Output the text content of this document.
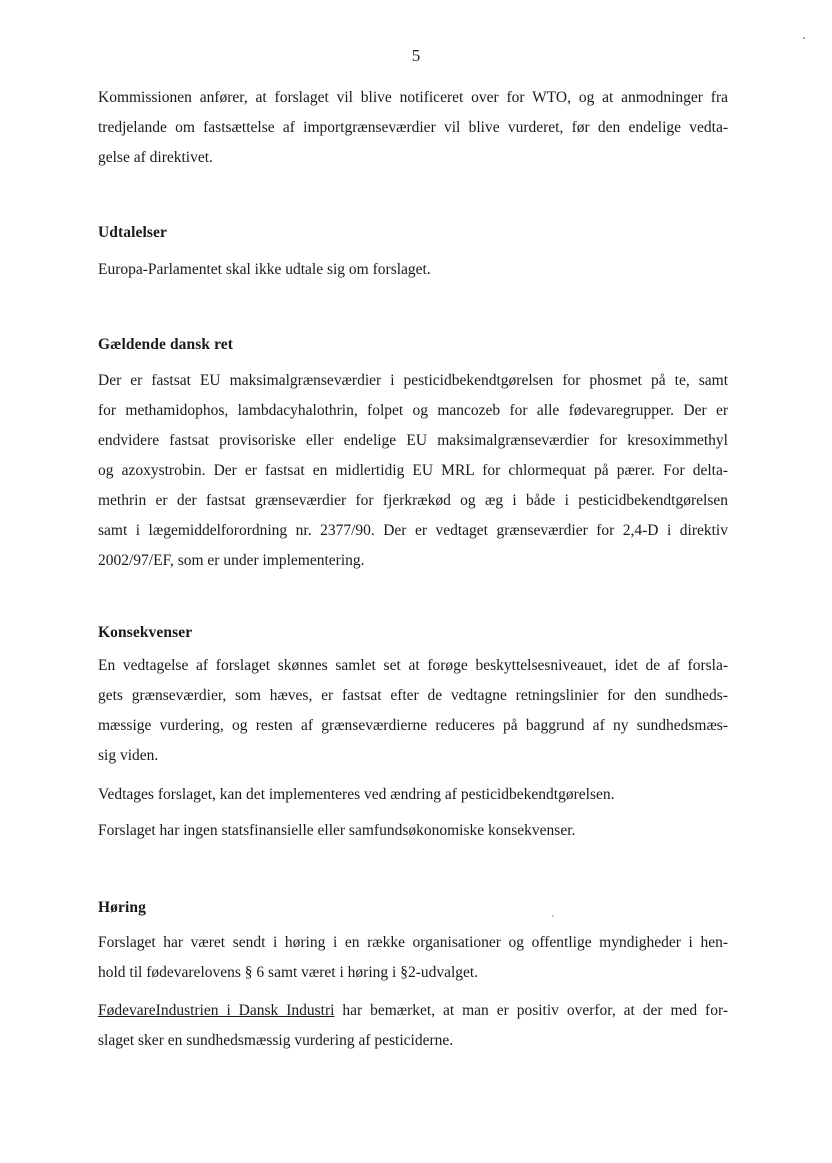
5
Kommissionen anfører, at forslaget vil blive notificeret over for WTO, og at anmodninger fra
tredjelande om fastsættelse af importgrænseværdier vil blive vurderet, før den endelige vedta-
gelse af direktivet.
Udtalelser
Europa-Parlamentet skal ikke udtale sig om forslaget.
Gældende dansk ret
Der er fastsat EU maksimalgrænseværdier i pesticidbekendtgørelsen for phosmet på te, samt
for methamidophos, lambdacyhalothrin, folpet og mancozeb for alle fødevaregrupper. Der er
endvidere fastsat provisoriske eller endelige EU maksimalgrænseværdier for kresoximmethyl
og azoxystrobin. Der er fastsat en midlertidig EU MRL for chlormequat på pærer. For delta-
methrin er der fastsat grænseværdier for fjerkrækød og æg i både i pesticidbekendtgørelsen
samt i lægemiddelforordning nr. 2377/90. Der er vedtaget grænseværdier for 2,4-D i direktiv
2002/97/EF, som er under implementering.
Konsekvenser
En vedtagelse af forslaget skønnes samlet set at forøge beskyttelsesniveauet, idet de af forsla-
gets grænseværdier, som hæves, er fastsat efter de vedtagne retningslinier for den sundheds-
mæssige vurdering, og resten af grænseværdierne reduceres på baggrund af ny sundhedsmæs-
sig viden.
Vedtages forslaget, kan det implementeres ved ændring af pesticidbekendtgørelsen.
Forslaget har ingen statsfinansielle eller samfundsøkonomiske konsekvenser.
Høring
Forslaget har været sendt i høring i en række organisationer og offentlige myndigheder i hen-
hold til fødevarelovens § 6 samt været i høring i §2-udvalget.
FødevareIndustrien i Dansk Industri har bemærket, at man er positiv overfor, at der med for-
slaget sker en sundhedsmæssig vurdering af pesticiderne.
